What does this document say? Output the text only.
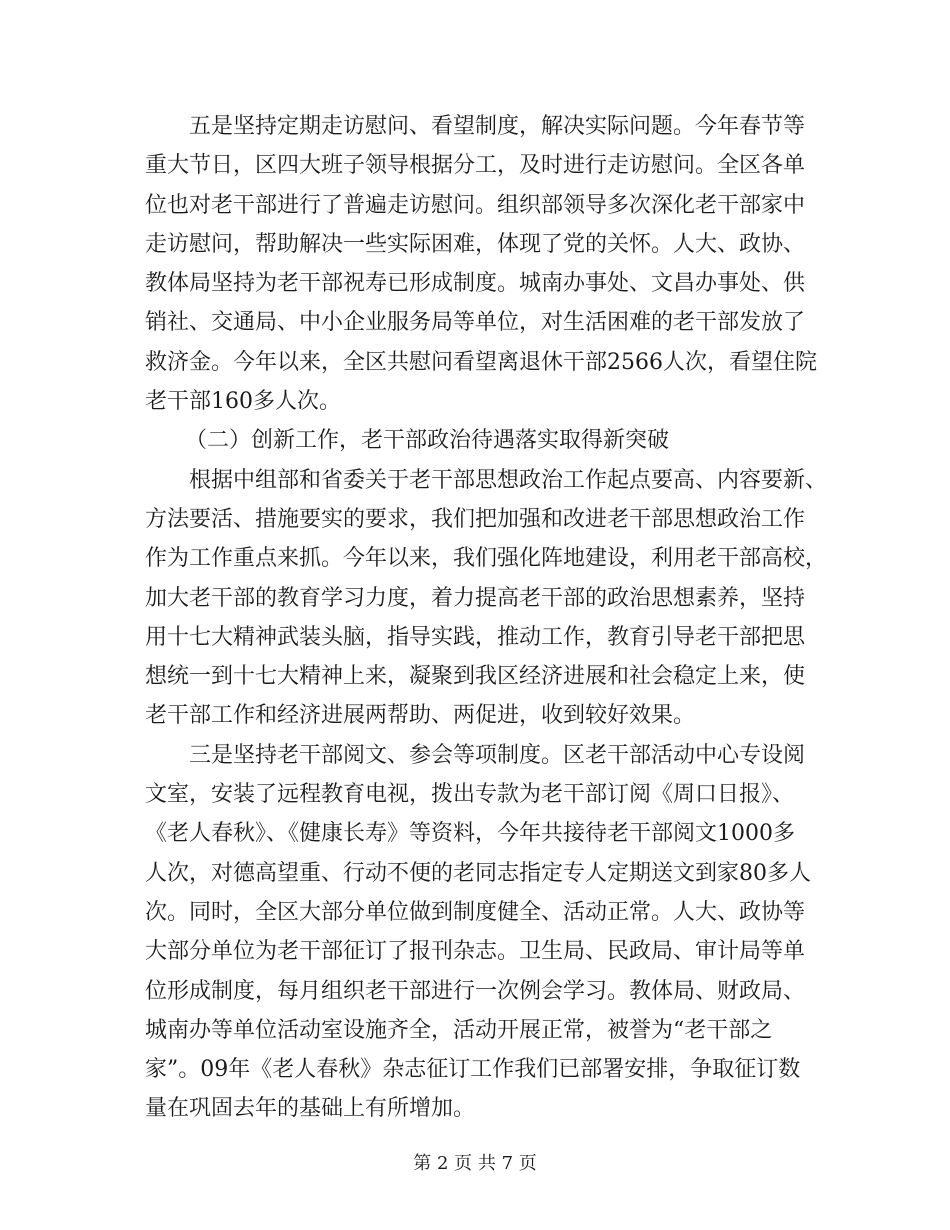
五是坚持定期走访慰问、看望制度，解决实际问题。今年春节等
重大节日，区四大班子领导根据分工，及时进行走访慰问。全区各单
位也对老干部进行了普遍走访慰问。组织部领导多次深化老干部家中
走访慰问，帮助解决一些实际困难，体现了党的关怀。人大、政协、
教体局坚持为老干部祝寿已形成制度。城南办事处、文昌办事处、供
销社、交通局、中小企业服务局等单位，对生活困难的老干部发放了
救济金。今年以来，全区共慰问看望离退休干部2566人次，看望住院
老干部160多人次。
（二）创新工作，老干部政治待遇落实取得新突破
根据中组部和省委关于老干部思想政治工作起点要高、内容要新、
方法要活、措施要实的要求，我们把加强和改进老干部思想政治工作
作为工作重点来抓。今年以来，我们强化阵地建设，利用老干部高校，
加大老干部的教育学习力度，着力提高老干部的政治思想素养，坚持
用十七大精神武装头脑，指导实践，推动工作，教育引导老干部把思
想统一到十七大精神上来，凝聚到我区经济进展和社会稳定上来，使
老干部工作和经济进展两帮助、两促进，收到较好效果。
三是坚持老干部阅文、参会等项制度。区老干部活动中心专设阅
文室，安装了远程教育电视，拨出专款为老干部订阅《周口日报》、
《老人春秋》、《健康长寿》等资料，今年共接待老干部阅文1000多
人次，对德高望重、行动不便的老同志指定专人定期送文到家80多人
次。同时，全区大部分单位做到制度健全、活动正常。人大、政协等
大部分单位为老干部征订了报刊杂志。卫生局、民政局、审计局等单
位形成制度，每月组织老干部进行一次例会学习。教体局、财政局、
城南办等单位活动室设施齐全，活动开展正常，被誉为“老干部之
家”。09年《老人春秋》杂志征订工作我们已部署安排，争取征订数
量在巩固去年的基础上有所增加。
第 2 页 共 7 页
